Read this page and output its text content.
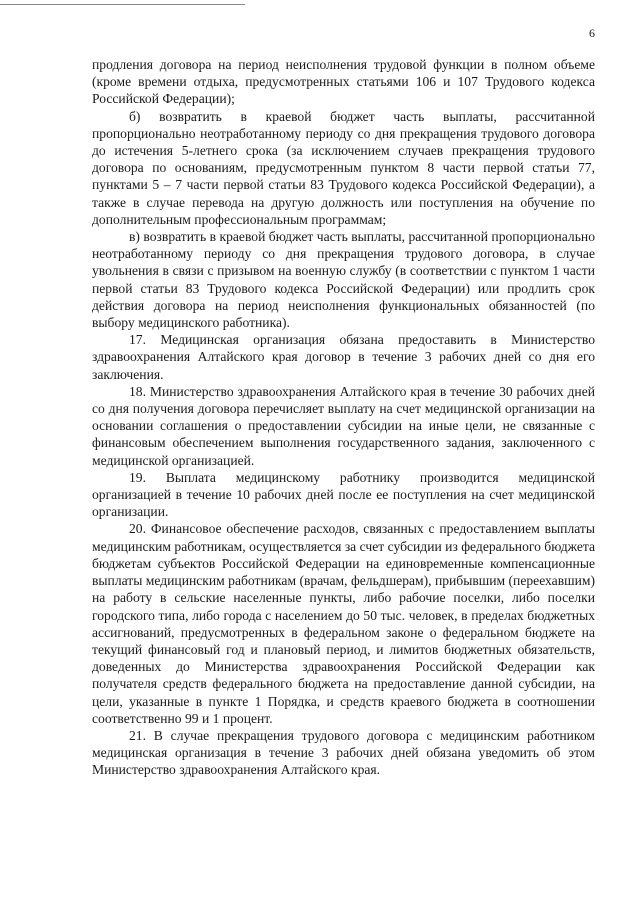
6

продления договора на период неисполнения трудовой функции в полном объеме (кроме времени отдыха, предусмотренных статьями 106 и 107 Трудового кодекса Российской Федерации);

б) возвратить в краевой бюджет часть выплаты, рассчитанной пропорционально неотработанному периоду со дня прекращения трудового договора до истечения 5-летнего срока (за исключением случаев прекращения трудового договора по основаниям, предусмотренным пунктом 8 части первой статьи 77, пунктами 5 – 7 части первой статьи 83 Трудового кодекса Российской Федерации), а также в случае перевода на другую должность или поступления на обучение по дополнительным профессиональным программам;

в) возвратить в краевой бюджет часть выплаты, рассчитанной пропорционально неотработанному периоду со дня прекращения трудового договора, в случае увольнения в связи с призывом на военную службу (в соответствии с пунктом 1 части первой статьи 83 Трудового кодекса Российской Федерации) или продлить срок действия договора на период неисполнения функциональных обязанностей (по выбору медицинского работника).

17. Медицинская организация обязана предоставить в Министерство здравоохранения Алтайского края договор в течение 3 рабочих дней со дня его заключения.

18. Министерство здравоохранения Алтайского края в течение 30 рабочих дней со дня получения договора перечисляет выплату на счет медицинской организации на основании соглашения о предоставлении субсидии на иные цели, не связанные с финансовым обеспечением выполнения государственного задания, заключенного с медицинской организацией.

19. Выплата медицинскому работнику производится медицинской организацией в течение 10 рабочих дней после ее поступления на счет медицинской организации.

20. Финансовое обеспечение расходов, связанных с предоставлением выплаты медицинским работникам, осуществляется за счет субсидии из федерального бюджета бюджетам субъектов Российской Федерации на единовременные компенсационные выплаты медицинским работникам (врачам, фельдшерам), прибывшим (переехавшим) на работу в сельские населенные пункты, либо рабочие поселки, либо поселки городского типа, либо города с населением до 50 тыс. человек, в пределах бюджетных ассигнований, предусмотренных в федеральном законе о федеральном бюджете на текущий финансовый год и плановый период, и лимитов бюджетных обязательств, доведенных до Министерства здравоохранения Российской Федерации как получателя средств федерального бюджета на предоставление данной субсидии, на цели, указанные в пункте 1 Порядка, и средств краевого бюджета в соотношении соответственно 99 и 1 процент.

21. В случае прекращения трудового договора с медицинским работником медицинская организация в течение 3 рабочих дней обязана уведомить об этом Министерство здравоохранения Алтайского края.
